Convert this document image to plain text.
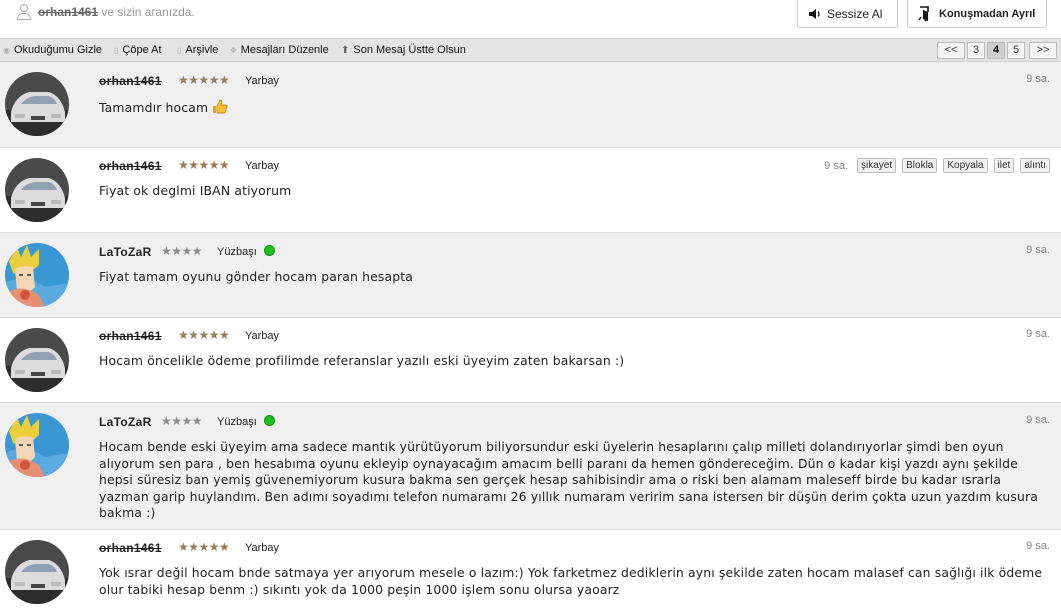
orhan1461 ve sizin aranızda.	Sessize Al	Konuşmadan Ayrıl
◉ Okuduğumu Gizle ▯ Çöpe At ▯ Arşivle ✥ Mesajları Düzenle ⬆ Son Mesaj Üstte Olsun	<<	3	4	5	>>
orhan1461 ★★★★★ Yarbay	9 sa.
Tamamdır hocam
orhan1461 ★★★★★ Yarbay	9 sa.	şikayet	Blokla	Kopyala	ilet	alıntı
Fiyat ok deglmi IBAN atiyorum
LaToZaR ★★★★ Yüzbaşı	9 sa.
Fiyat tamam oyunu gönder hocam paran hesapta
orhan1461 ★★★★★ Yarbay	9 sa.
Hocam öncelikle ödeme profilimde referanslar yazılı eski üyeyim zaten bakarsan :)
LaToZaR ★★★★ Yüzbaşı	9 sa.
Hocam bende eski üyeyim ama sadece mantık yürütüyorum biliyorsundur eski üyelerin hesaplarını çalıp milleti dolandırıyorlar şimdi ben oyun alıyorum sen para , ben hesabıma oyunu ekleyip oynayacağım amacım belli paranı da hemen göndereceğim. Dün o kadar kişi yazdı aynı şekilde hepsi süresiz ban yemiş güvenemiyorum kusura bakma sen gerçek hesap sahibisindir ama o riski ben alamam maleseff birde bu kadar ısrarla yazman garip huylandım. Ben adımı soyadımı telefon numaramı 26 yıllık numaram veririm sana istersen bir düşün derim çokta uzun yazdım kusura bakma :)
orhan1461 ★★★★★ Yarbay	9 sa.
Yok ısrar değil hocam bnde satmaya yer arıyorum mesele o lazım:) Yok farketmez dediklerin aynı şekilde zaten hocam malasef can sağlığı ilk ödeme olur tabiki hesap benm :) sıkıntı yok da 1000 peşin 1000 işlem sonu olursa yaoarz
